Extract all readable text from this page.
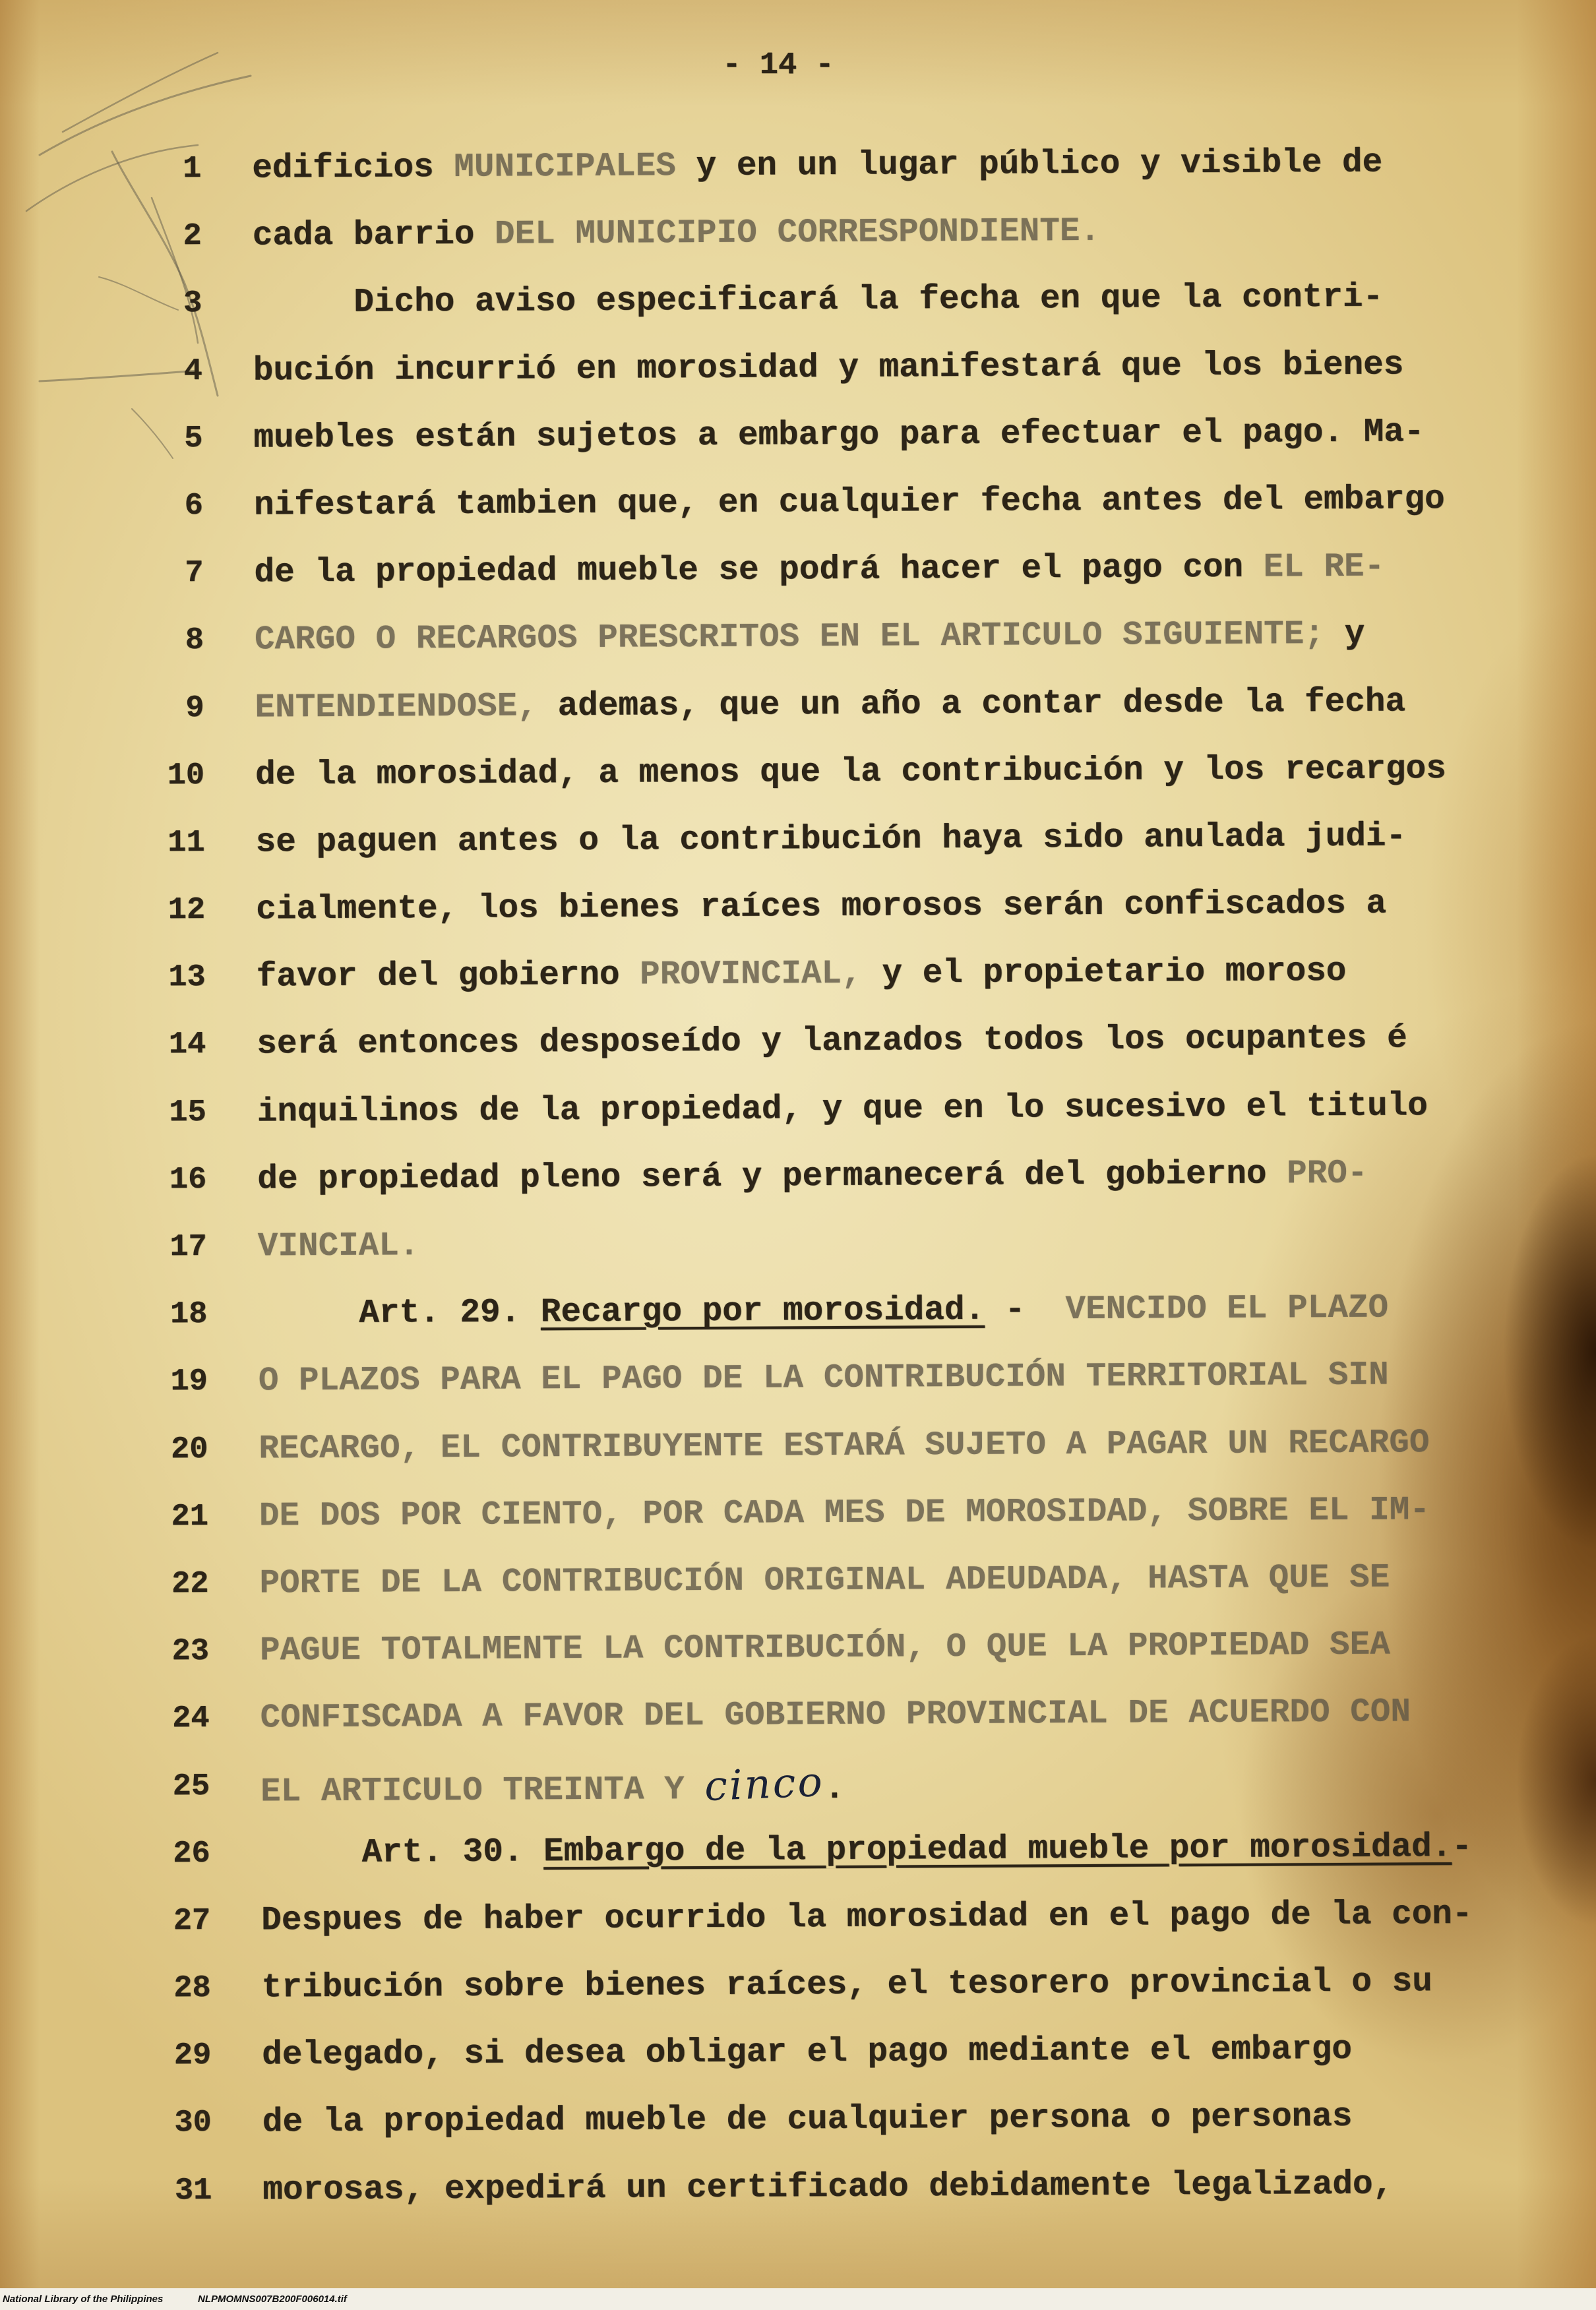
- 14 -
1 edificios MUNICIPALES y en un lugar público y visible de
2 cada barrio DEL MUNICIPIO CORRESPONDIENTE.
3	Dicho aviso especificará la fecha en que la contri-
4 bución incurrió en morosidad y manifestará que los bienes
5 muebles están sujetos a embargo para efectuar el pago. Ma-
6 nifestará tambien que, en cualquier fecha antes del embargo
7 de la propiedad mueble se podrá hacer el pago con EL RE-
8 CARGO O RECARGOS PRESCRITOS EN EL ARTICULO SIGUIENTE; y
9 ENTENDIENDOSE, ademas, que un año a contar desde la fecha
10 de la morosidad, a menos que la contribución y los recargos
11 se paguen antes o la contribución haya sido anulada judi-
12 cialmente, los bienes raíces morosos serán confiscados a
13 favor del gobierno PROVINCIAL, y el propietario moroso
14 será entonces desposeído y lanzados todos los ocupantes é
15 inquilinos de la propiedad, y que en lo sucesivo el titulo
16 de propiedad pleno será y permanecerá del gobierno PRO-
17 VINCIAL.
18	Art. 29. Recargo por morosidad. -  VENCIDO EL PLAZO
19 O PLAZOS PARA EL PAGO DE LA CONTRIBUCIÓN TERRITORIAL SIN
20 RECARGO, EL CONTRIBUYENTE ESTARÁ SUJETO A PAGAR UN RECARGO
21 DE DOS POR CIENTO, POR CADA MES DE MOROSIDAD, SOBRE EL IM-
22 PORTE DE LA CONTRIBUCIÓN ORIGINAL ADEUDADA, HASTA QUE SE
23 PAGUE TOTALMENTE LA CONTRIBUCIÓN, O QUE LA PROPIEDAD SEA
24 CONFISCADA A FAVOR DEL GOBIERNO PROVINCIAL DE ACUERDO CON
25 EL ARTICULO TREINTA Y cinco.
26	Art. 30. Embargo de la propiedad mueble por morosidad.-
27 Despues de haber ocurrido la morosidad en el pago de la con-
28 tribución sobre bienes raíces, el tesorero provincial o su
29 delegado, si desea obligar el pago mediante el embargo
30 de la propiedad mueble de cualquier persona o personas
31 morosas, expedirá un certificado debidamente legalizado,
National Library of the Philippines	NLPMOMNS007B200F006014.tif
